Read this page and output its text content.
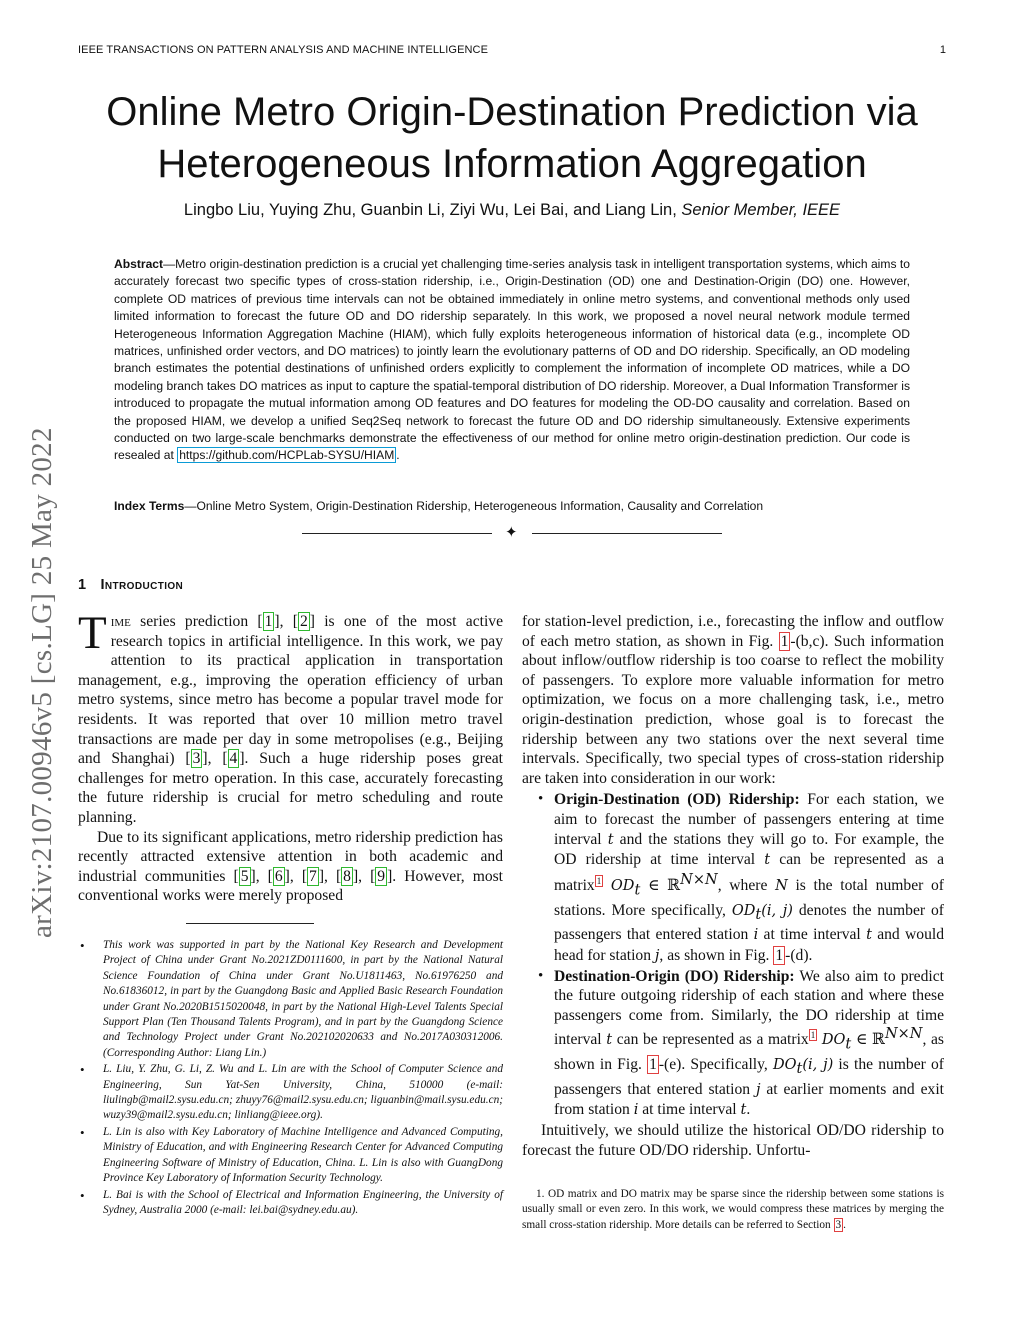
IEEE TRANSACTIONS ON PATTERN ANALYSIS AND MACHINE INTELLIGENCE	1
arXiv:2107.00946v5 [cs.LG] 25 May 2022
Online Metro Origin-Destination Prediction via Heterogeneous Information Aggregation
Lingbo Liu, Yuying Zhu, Guanbin Li, Ziyi Wu, Lei Bai, and Liang Lin, Senior Member, IEEE

Abstract—Metro origin-destination prediction is a crucial yet challenging time-series analysis task in intelligent transportation systems, which aims to accurately forecast two specific types of cross-station ridership, i.e., Origin-Destination (OD) one and Destination-Origin (DO) one. However, complete OD matrices of previous time intervals can not be obtained immediately in online metro systems, and conventional methods only used limited information to forecast the future OD and DO ridership separately. In this work, we proposed a novel neural network module termed Heterogeneous Information Aggregation Machine (HIAM), which fully exploits heterogeneous information of historical data (e.g., incomplete OD matrices, unfinished order vectors, and DO matrices) to jointly learn the evolutionary patterns of OD and DO ridership. Specifically, an OD modeling branch estimates the potential destinations of unfinished orders explicitly to complement the information of incomplete OD matrices, while a DO modeling branch takes DO matrices as input to capture the spatial-temporal distribution of DO ridership. Moreover, a Dual Information Transformer is introduced to propagate the mutual information among OD features and DO features for modeling the OD-DO causality and correlation. Based on the proposed HIAM, we develop a unified Seq2Seq network to forecast the future OD and DO ridership simultaneously. Extensive experiments conducted on two large-scale benchmarks demonstrate the effectiveness of our method for online metro origin-destination prediction. Our code is resealed at https://github.com/HCPLab-SYSU/HIAM .

Index Terms—Online Metro System, Origin-Destination Ridership, Heterogeneous Information, Causality and Correlation

✦
1 Introduction

Time series prediction [ 1 ], [ 2 ] is one of the most active research topics in artificial intelligence. In this work, we pay attention to its practical application in transportation management, e.g., improving the operation efficiency of urban metro systems, since metro has become a popular travel mode for residents. It was reported that over 10 million metro travel transactions are made per day in some metropolises (e.g., Beijing and Shanghai) [ 3 ], [ 4 ]. Such a huge ridership poses great challenges for metro operation. In this case, accurately forecasting the future ridership is crucial for metro scheduling and route planning.

Due to its significant applications, metro ridership prediction has recently attracted extensive attention in both academic and industrial communities [ 5 ], [ 6 ], [ 7 ], [ 8 ], [ 9 ]. However, most conventional works were merely proposed

• This work was supported in part by the National Key Research and Development Project of China under Grant No.2021ZD0111600, in part by the National Natural Science Foundation of China under Grant No.U1811463, No.61976250 and No.61836012, in part by the Guangdong Basic and Applied Basic Research Foundation under Grant No.2020B1515020048, in part by the National High-Level Talents Special Support Plan (Ten Thousand Talents Program), and in part by the Guangdong Science and Technology Project under Grant No.202102020633 and No.2017A030312006. (Corresponding Author: Liang Lin.)
• L. Liu, Y. Zhu, G. Li, Z. Wu and L. Lin are with the School of Computer Science and Engineering, Sun Yat-Sen University, China, 510000 (e-mail: liulingb@mail2.sysu.edu.cn; zhuyy76@mail2.sysu.edu.cn; liguanbin@mail.sysu.edu.cn; wuzy39@mail2.sysu.edu.cn; linliang@ieee.org).
• L. Lin is also with Key Laboratory of Machine Intelligence and Advanced Computing, Ministry of Education, and with Engineering Research Center for Advanced Computing Engineering Software of Ministry of Education, China. L. Lin is also with GuangDong Province Key Laboratory of Information Security Technology.
• L. Bai is with the School of Electrical and Information Engineering, the University of Sydney, Australia 2000 (e-mail: lei.bai@sydney.edu.au).

for station-level prediction, i.e., forecasting the inflow and outflow of each metro station, as shown in Fig. 1 -(b,c). Such information about inflow/outflow ridership is too coarse to reflect the mobility of passengers. To explore more valuable information for metro optimization, we focus on a more challenging task, i.e., metro origin-destination prediction, whose goal is to forecast the ridership between any two stations over the next several time intervals. Specifically, two special types of cross-station ridership are taken into consideration in our work:

• Origin-Destination (OD) Ridership: For each station, we aim to forecast the number of passengers entering at time interval t and the stations they will go to. For example, the OD ridership at time interval t can be represented as a matrix $^1$ $OD_t$ ∈ ℝ$^{N\times N}$, where N is the total number of stations. More specifically, $OD_t(i$, j) denotes the number of passengers that entered station i at time interval t and would head for station j, as shown in Fig. 1 -(d).
• Destination-Origin (DO) Ridership: We also aim to predict the future outgoing ridership of each station and where these passengers come from. Similarly, the DO ridership at time interval t can be represented as a matrix $^1$ $DO_t$ ∈ ℝ$^{N\times N}$, as shown in Fig. 1 -(e). Specifically, $DO_t(i$, j) is the number of passengers that entered station j at earlier moments and exit from station i at time interval t.

Intuitively, we should utilize the historical OD/DO ridership to forecast the future OD/DO ridership. Unfortu-

1. OD matrix and DO matrix may be sparse since the ridership between some stations is usually small or even zero. In this work, we would compress these matrices by merging the small cross-station ridership. More details can be referred to Section 3 .
